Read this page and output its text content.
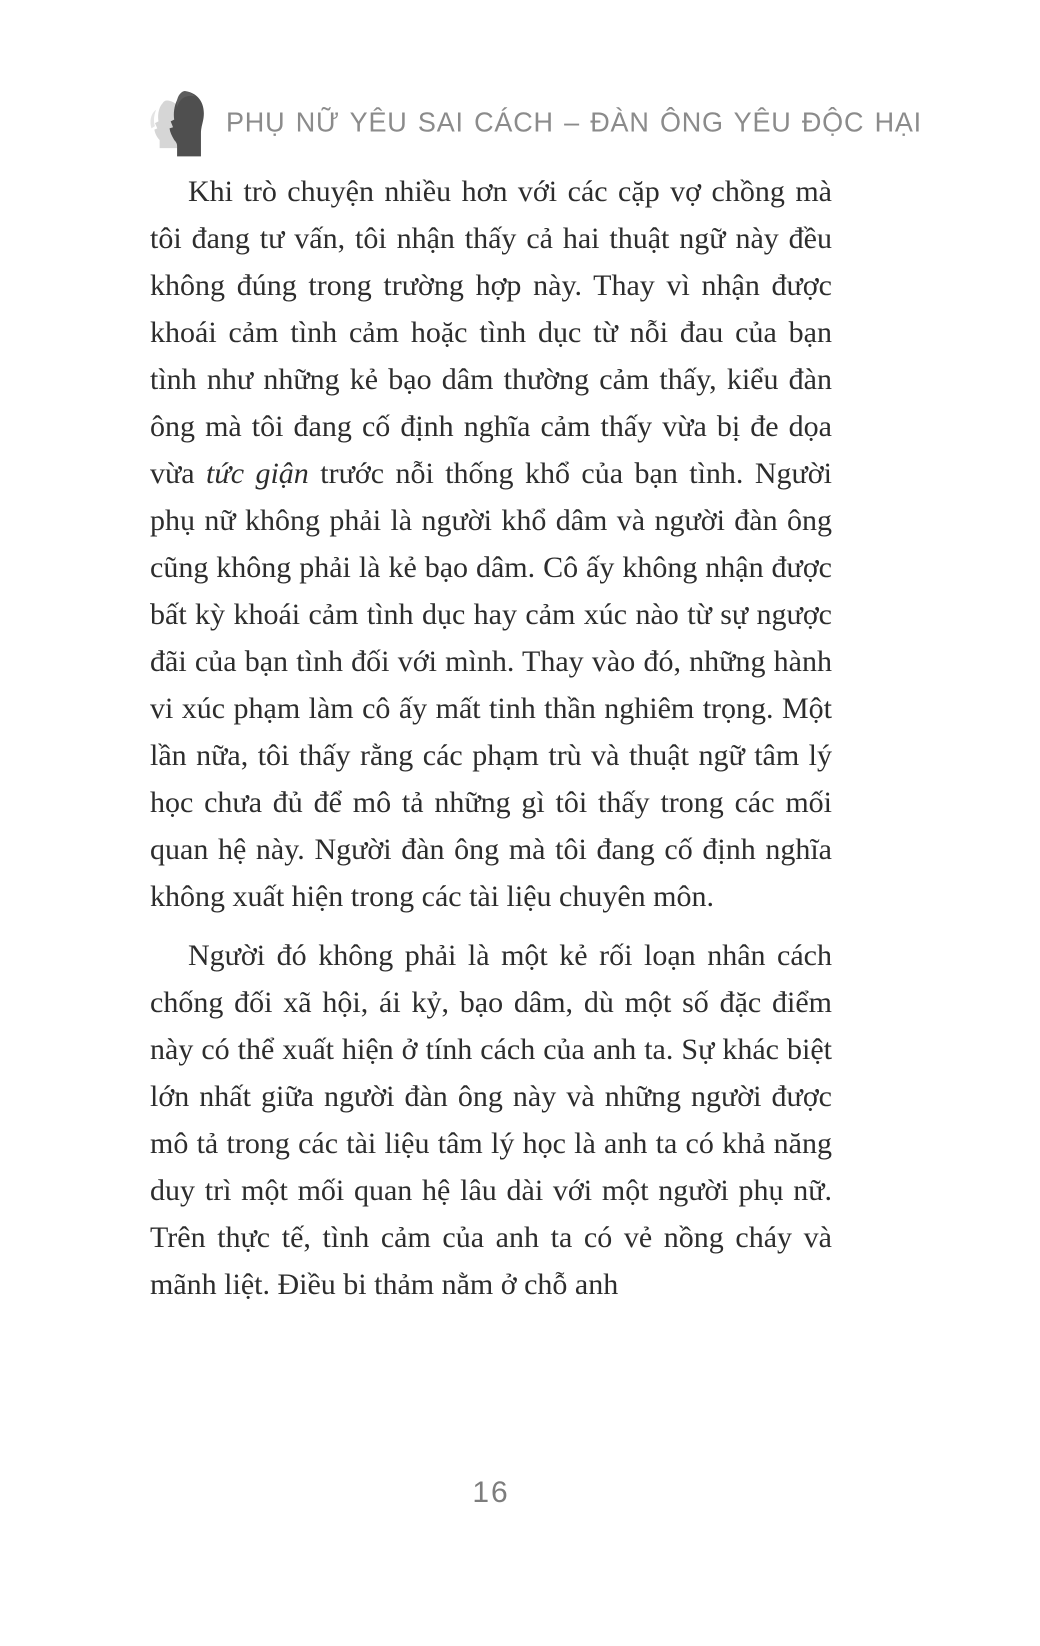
PHỤ NỮ YÊU SAI CÁCH – ĐÀN ÔNG YÊU ĐỘC HẠI

Khi trò chuyện nhiều hơn với các cặp vợ chồng mà tôi đang tư vấn, tôi nhận thấy cả hai thuật ngữ này đều không đúng trong trường hợp này. Thay vì nhận được khoái cảm tình cảm hoặc tình dục từ nỗi đau của bạn tình như những kẻ bạo dâm thường cảm thấy, kiểu đàn ông mà tôi đang cố định nghĩa cảm thấy vừa bị đe dọa vừa tức giận trước nỗi thống khổ của bạn tình. Người phụ nữ không phải là người khổ dâm và người đàn ông cũng không phải là kẻ bạo dâm. Cô ấy không nhận được bất kỳ khoái cảm tình dục hay cảm xúc nào từ sự ngược đãi của bạn tình đối với mình. Thay vào đó, những hành vi xúc phạm làm cô ấy mất tinh thần nghiêm trọng. Một lần nữa, tôi thấy rằng các phạm trù và thuật ngữ tâm lý học chưa đủ để mô tả những gì tôi thấy trong các mối quan hệ này. Người đàn ông mà tôi đang cố định nghĩa không xuất hiện trong các tài liệu chuyên môn.

Người đó không phải là một kẻ rối loạn nhân cách chống đối xã hội, ái kỷ, bạo dâm, dù một số đặc điểm này có thể xuất hiện ở tính cách của anh ta. Sự khác biệt lớn nhất giữa người đàn ông này và những người được mô tả trong các tài liệu tâm lý học là anh ta có khả năng duy trì một mối quan hệ lâu dài với một người phụ nữ. Trên thực tế, tình cảm của anh ta có vẻ nồng cháy và mãnh liệt. Điều bi thảm nằm ở chỗ anh

16
